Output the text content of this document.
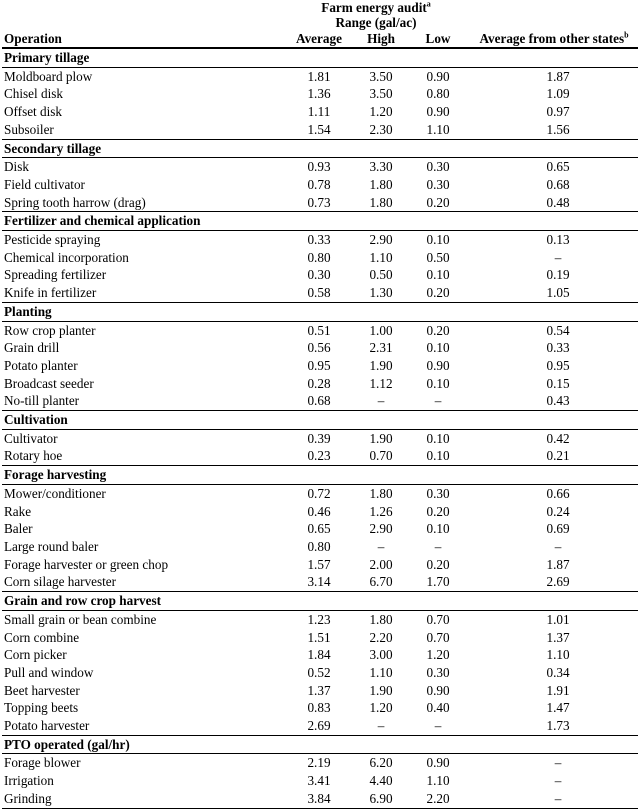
	Farm energy audit$^a$	
	Range (gal/ac)			
Operation	Average	High	Low	Average from other states$^b$
Primary tillage				
Moldboard plow	1.81	3.50	0.90	1.87
Chisel disk	1.36	3.50	0.80	1.09
Offset disk	1.11	1.20	0.90	0.97
Subsoiler	1.54	2.30	1.10	1.56
Secondary tillage				
Disk	0.93	3.30	0.30	0.65
Field cultivator	0.78	1.80	0.30	0.68
Spring tooth harrow (drag)	0.73	1.80	0.20	0.48
Fertilizer and chemical application				
Pesticide spraying	0.33	2.90	0.10	0.13
Chemical incorporation	0.80	1.10	0.50	–
Spreading fertilizer	0.30	0.50	0.10	0.19
Knife in fertilizer	0.58	1.30	0.20	1.05
Planting				
Row crop planter	0.51	1.00	0.20	0.54
Grain drill	0.56	2.31	0.10	0.33
Potato planter	0.95	1.90	0.90	0.95
Broadcast seeder	0.28	1.12	0.10	0.15
No-till planter	0.68	–	–	0.43
Cultivation				
Cultivator	0.39	1.90	0.10	0.42
Rotary hoe	0.23	0.70	0.10	0.21
Forage harvesting				
Mower/conditioner	0.72	1.80	0.30	0.66
Rake	0.46	1.26	0.20	0.24
Baler	0.65	2.90	0.10	0.69
Large round baler	0.80	–	–	–
Forage harvester or green chop	1.57	2.00	0.20	1.87
Corn silage harvester	3.14	6.70	1.70	2.69
Grain and row crop harvest				
Small grain or bean combine	1.23	1.80	0.70	1.01
Corn combine	1.51	2.20	0.70	1.37
Corn picker	1.84	3.00	1.20	1.10
Pull and window	0.52	1.10	0.30	0.34
Beet harvester	1.37	1.90	0.90	1.91
Topping beets	0.83	1.20	0.40	1.47
Potato harvester	2.69	–	–	1.73
PTO operated (gal/hr)				
Forage blower	2.19	6.20	0.90	–
Irrigation	3.41	4.40	1.10	–
Grinding	3.84	6.90	2.20	–
